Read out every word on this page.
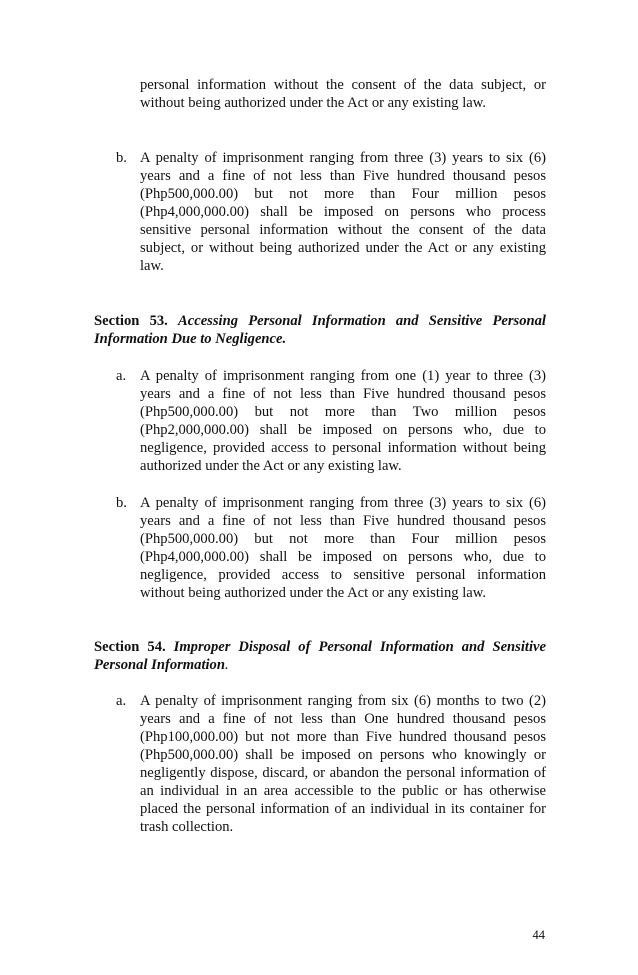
personal information without the consent of the data subject, or without being authorized under the Act or any existing law.
b. A penalty of imprisonment ranging from three (3) years to six (6) years and a fine of not less than Five hundred thousand pesos (Php500,000.00) but not more than Four million pesos (Php4,000,000.00) shall be imposed on persons who process sensitive personal information without the consent of the data subject, or without being authorized under the Act or any existing law.
Section 53. Accessing Personal Information and Sensitive Personal Information Due to Negligence.
a. A penalty of imprisonment ranging from one (1) year to three (3) years and a fine of not less than Five hundred thousand pesos (Php500,000.00) but not more than Two million pesos (Php2,000,000.00) shall be imposed on persons who, due to negligence, provided access to personal information without being authorized under the Act or any existing law.
b. A penalty of imprisonment ranging from three (3) years to six (6) years and a fine of not less than Five hundred thousand pesos (Php500,000.00) but not more than Four million pesos (Php4,000,000.00) shall be imposed on persons who, due to negligence, provided access to sensitive personal information without being authorized under the Act or any existing law.
Section 54. Improper Disposal of Personal Information and Sensitive Personal Information.
a. A penalty of imprisonment ranging from six (6) months to two (2) years and a fine of not less than One hundred thousand pesos (Php100,000.00) but not more than Five hundred thousand pesos (Php500,000.00) shall be imposed on persons who knowingly or negligently dispose, discard, or abandon the personal information of an individual in an area accessible to the public or has otherwise placed the personal information of an individual in its container for trash collection.
44
